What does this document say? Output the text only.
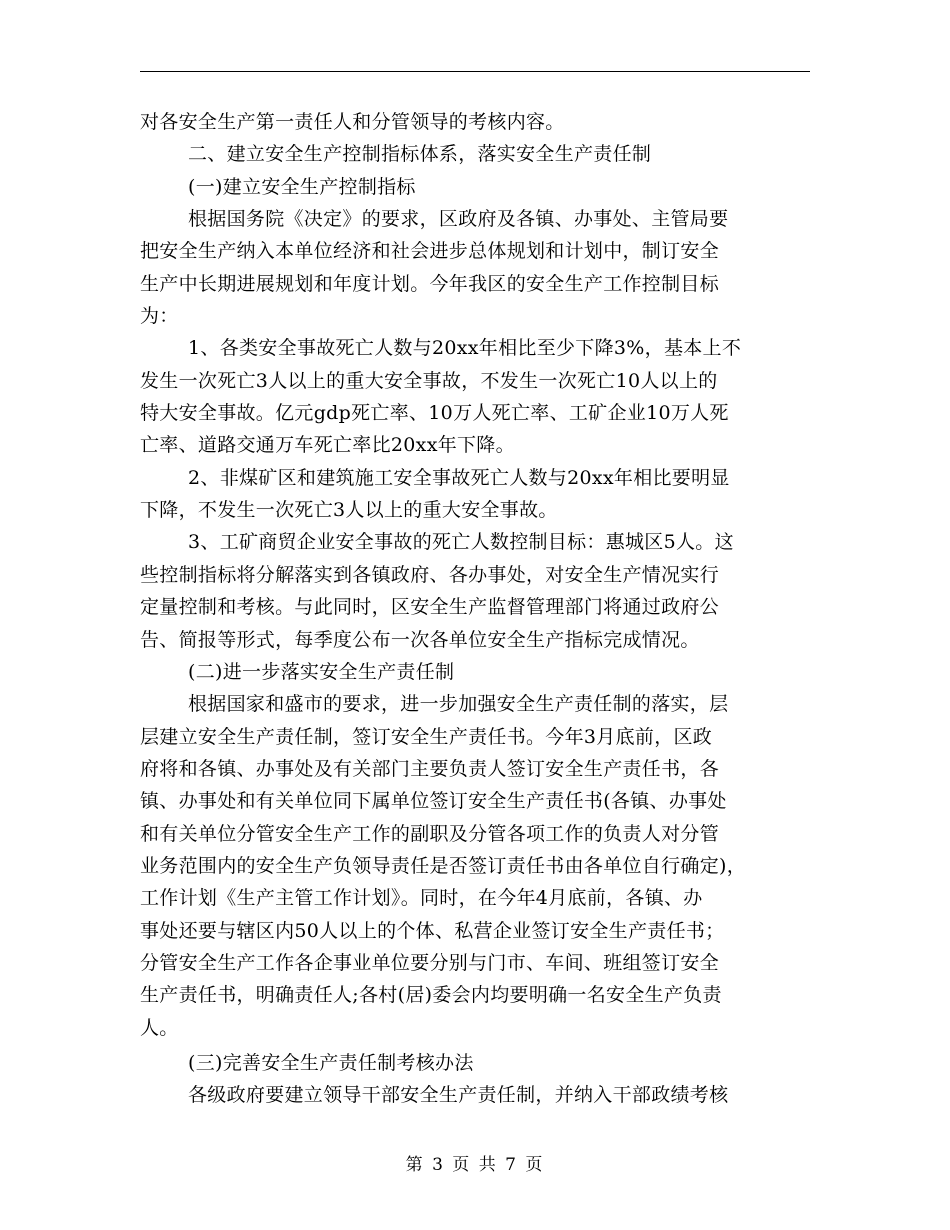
对各安全生产第一责任人和分管领导的考核内容。
二、建立安全生产控制指标体系，落实安全生产责任制
(一)建立安全生产控制指标
根据国务院《决定》的要求，区政府及各镇、办事处、主管局要
把安全生产纳入本单位经济和社会进步总体规划和计划中，制订安全
生产中长期进展规划和年度计划。今年我区的安全生产工作控制目标
为：
1、各类安全事故死亡人数与20xx年相比至少下降3%，基本上不
发生一次死亡3人以上的重大安全事故，不发生一次死亡10人以上的
特大安全事故。亿元gdp死亡率、10万人死亡率、工矿企业10万人死
亡率、道路交通万车死亡率比20xx年下降。
2、非煤矿区和建筑施工安全事故死亡人数与20xx年相比要明显
下降，不发生一次死亡3人以上的重大安全事故。
3、工矿商贸企业安全事故的死亡人数控制目标：惠城区5人。这
些控制指标将分解落实到各镇政府、各办事处，对安全生产情况实行
定量控制和考核。与此同时，区安全生产监督管理部门将通过政府公
告、简报等形式，每季度公布一次各单位安全生产指标完成情况。
(二)进一步落实安全生产责任制
根据国家和盛市的要求，进一步加强安全生产责任制的落实，层
层建立安全生产责任制，签订安全生产责任书。今年3月底前，区政
府将和各镇、办事处及有关部门主要负责人签订安全生产责任书，各
镇、办事处和有关单位同下属单位签订安全生产责任书(各镇、办事处
和有关单位分管安全生产工作的副职及分管各项工作的负责人对分管
业务范围内的安全生产负领导责任是否签订责任书由各单位自行确定)，
工作计划《生产主管工作计划》。同时，在今年4月底前，各镇、办
事处还要与辖区内50人以上的个体、私营企业签订安全生产责任书；
分管安全生产工作各企事业单位要分别与门市、车间、班组签订安全
生产责任书，明确责任人;各村(居)委会内均要明确一名安全生产负责
人。
(三)完善安全生产责任制考核办法
各级政府要建立领导干部安全生产责任制，并纳入干部政绩考核
第 3 页 共 7 页
